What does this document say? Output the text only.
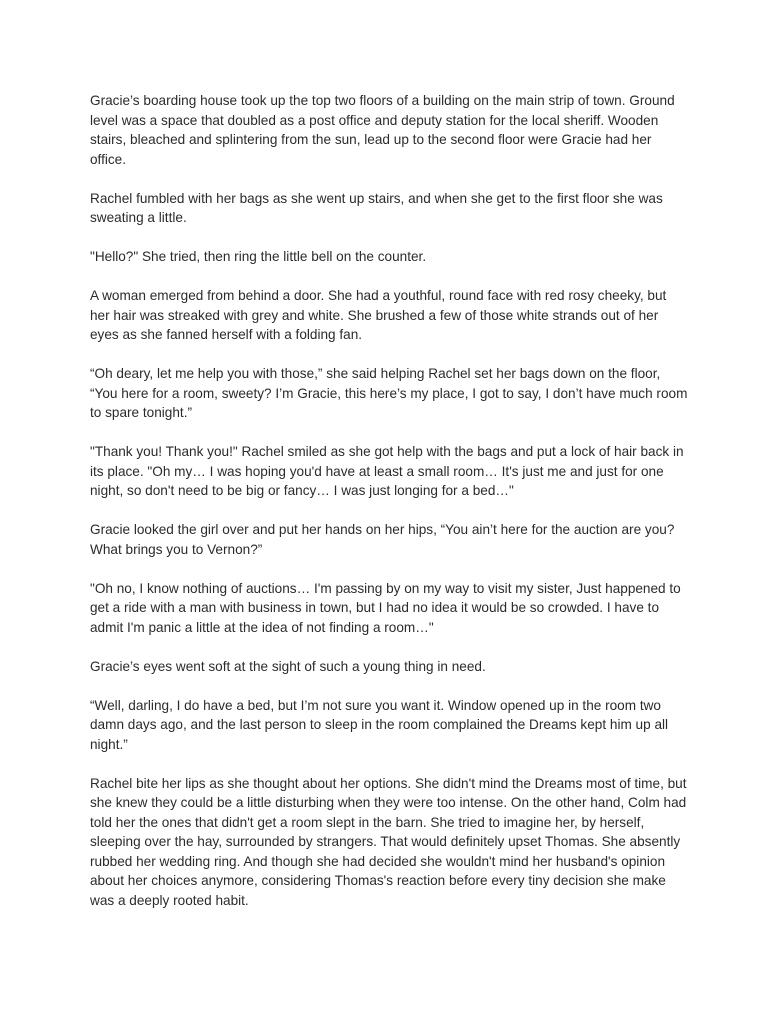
Gracie’s boarding house took up the top two floors of a building on the main strip of town. Ground level was a space that doubled as a post office and deputy station for the local sheriff. Wooden stairs, bleached and splintering from the sun, lead up to the second floor were Gracie had her office.

Rachel fumbled with her bags as she went up stairs, and when she get to the first floor she was sweating a little.

"Hello?" She tried, then ring the little bell on the counter.

A woman emerged from behind a door. She had a youthful, round face with red rosy cheeky, but her hair was streaked with grey and white. She brushed a few of those white strands out of her eyes as she fanned herself with a folding fan.

“Oh deary, let me help you with those,” she said helping Rachel set her bags down on the floor, “You here for a room, sweety? I’m Gracie, this here’s my place, I got to say, I don’t have much room to spare tonight.”

"Thank you! Thank you!" Rachel smiled as she got help with the bags and put a lock of hair back in its place. "Oh my… I was hoping you'd have at least a small room… It's just me and just for one night, so don't need to be big or fancy… I was just longing for a bed…"

Gracie looked the girl over and put her hands on her hips, “You ain’t here for the auction are you? What brings you to Vernon?”

"Oh no, I know nothing of auctions… I'm passing by on my way to visit my sister, Just happened to get a ride with a man with business in town, but I had no idea it would be so crowded. I have to admit I'm panic a little at the idea of not finding a room…"

Gracie’s eyes went soft at the sight of such a young thing in need.

“Well, darling, I do have a bed, but I’m not sure you want it. Window opened up in the room two damn days ago, and the last person to sleep in the room complained the Dreams kept him up all night.”

Rachel bite her lips as she thought about her options. She didn't mind the Dreams most of time, but she knew they could be a little disturbing when they were too intense. On the other hand, Colm had told her the ones that didn't get a room slept in the barn. She tried to imagine her, by herself, sleeping over the hay, surrounded by strangers. That would definitely upset Thomas. She absently rubbed her wedding ring. And though she had decided she wouldn't mind her husband's opinion about her choices anymore, considering Thomas's reaction before every tiny decision she make was a deeply rooted habit.
